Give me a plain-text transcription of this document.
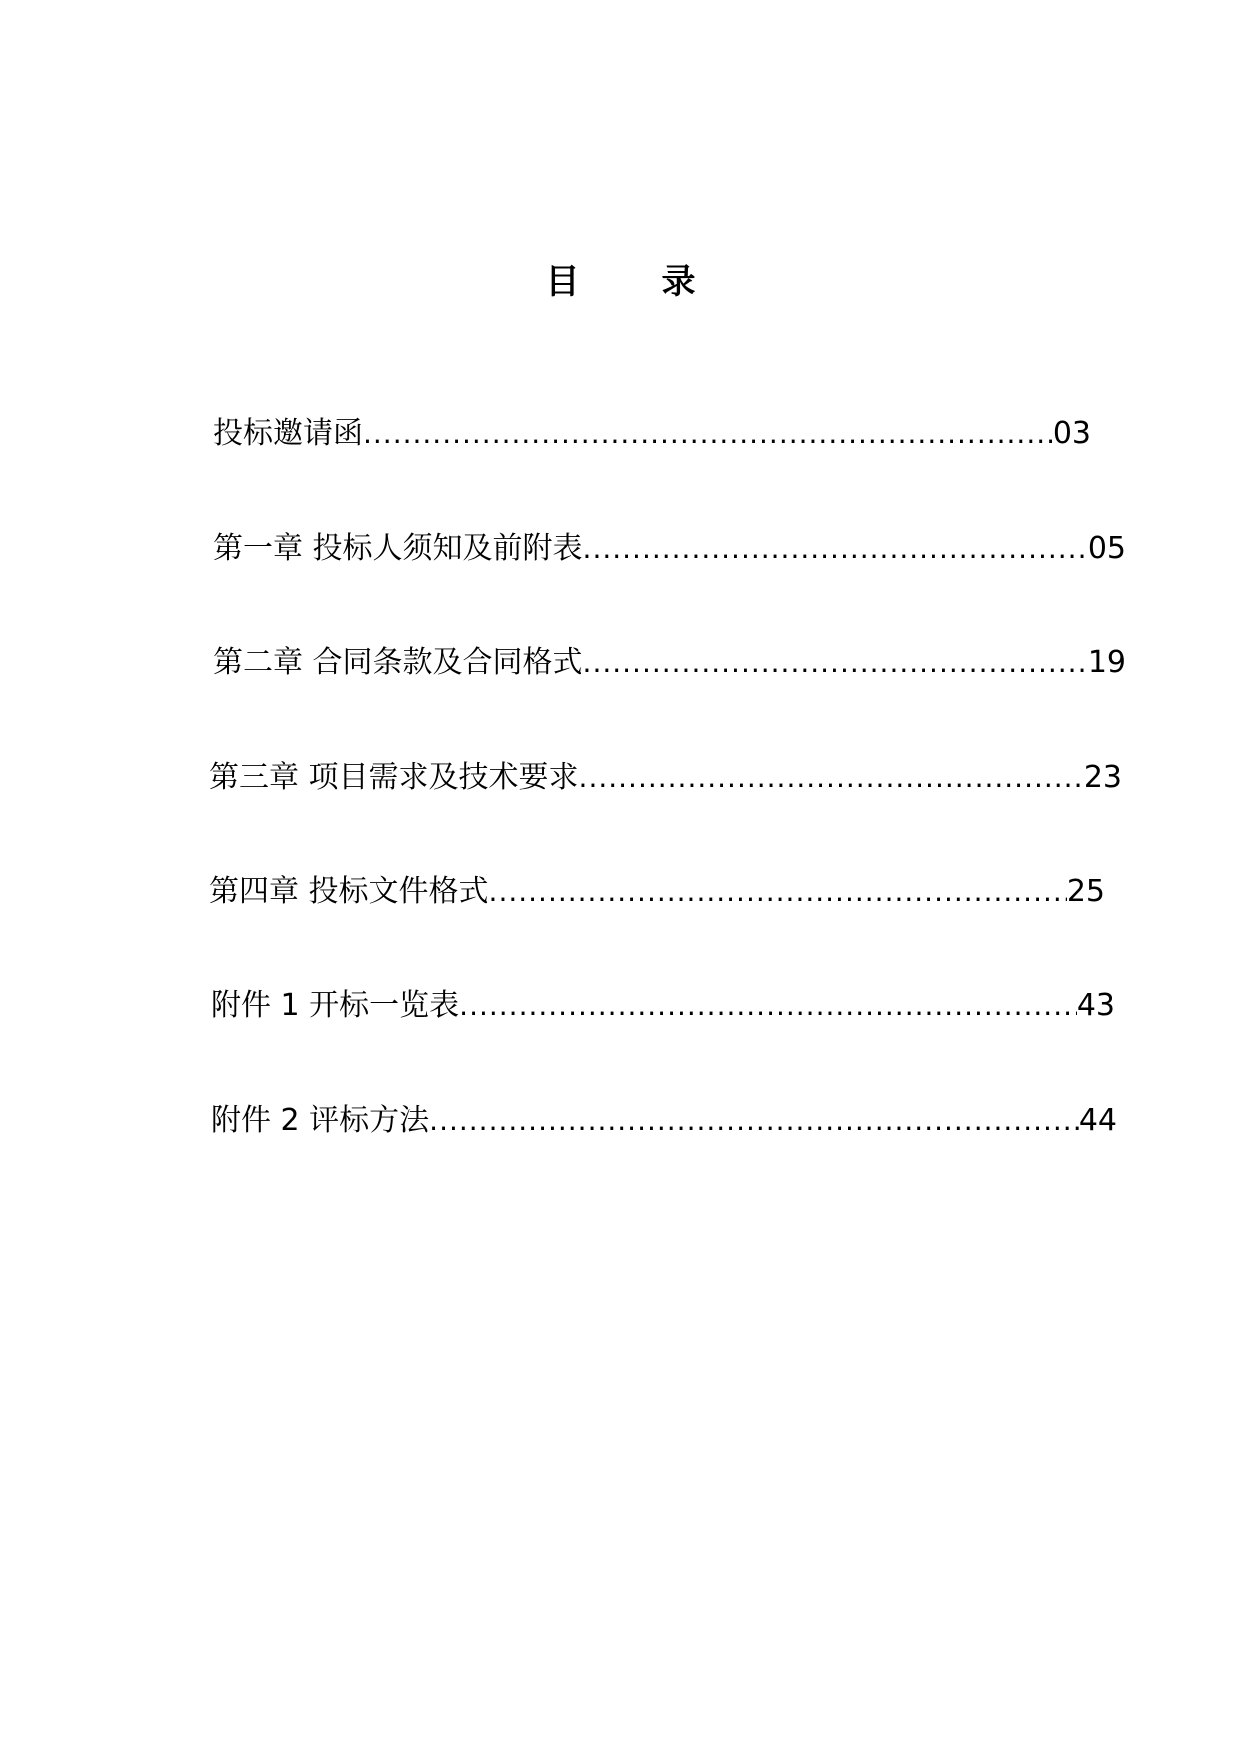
目　录
投标邀请函 .....	03
第一章 投标人须知及前附表 .....	05
第二章 合同条款及合同格式 .....	19
第三章 项目需求及技术要求 .....	23
第四章 投标文件格式 .....	25
附件 1 开标一览表 .....	43
附件 2 评标方法 .....	44
